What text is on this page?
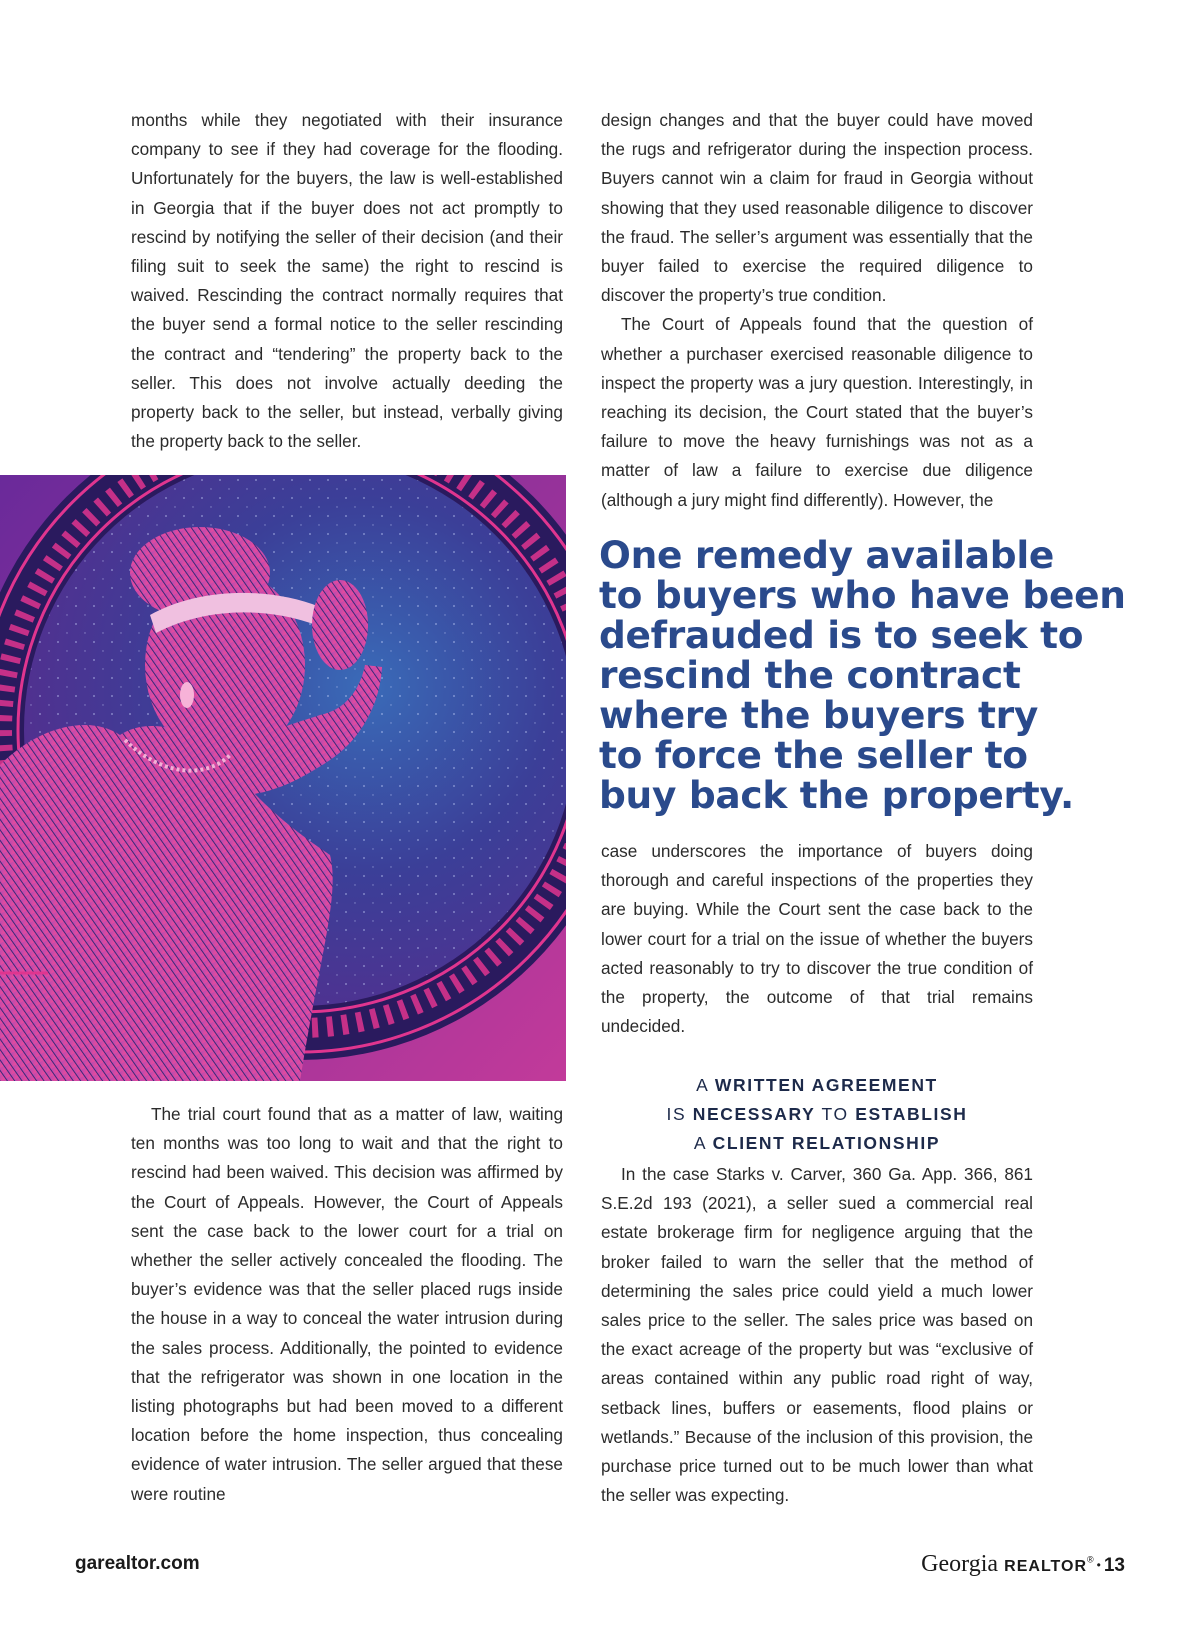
months while they negotiated with their insurance company to see if they had coverage for the flooding. Unfortunately for the buyers, the law is well-established in Georgia that if the buyer does not act promptly to rescind by notifying the seller of their decision (and their filing suit to seek the same) the right to rescind is waived. Rescinding the contract normally requires that the buyer send a formal notice to the seller rescinding the contract and “tendering” the property back to the seller. This does not involve actually deeding the property back to the seller, but instead, verbally giving the property back to the seller.

The trial court found that as a matter of law, waiting ten months was too long to wait and that the right to rescind had been waived. This decision was affirmed by the Court of Appeals. However, the Court of Appeals sent the case back to the lower court for a trial on whether the seller actively concealed the flooding. The buyer’s evidence was that the seller placed rugs inside the house in a way to conceal the water intrusion during the sales process. Additionally, the pointed to evidence that the refrigerator was shown in one location in the listing photographs but had been moved to a different location before the home inspection, thus concealing evidence of water intrusion. The seller argued that these were routine

design changes and that the buyer could have moved the rugs and refrigerator during the inspection process. Buyers cannot win a claim for fraud in Georgia without showing that they used reasonable diligence to discover the fraud. The seller’s argument was essentially that the buyer failed to exercise the required diligence to discover the property’s true condition.

The Court of Appeals found that the question of whether a purchaser exercised reasonable diligence to inspect the property was a jury question. Interestingly, in reaching its decision, the Court stated that the buyer’s failure to move the heavy furnishings was not as a matter of law a failure to exercise due diligence (although a jury might find differently). However, the

One remedy available
to buyers who have been
defrauded is to seek to
rescind the contract
where the buyers try
to force the seller to
buy back the property.

case underscores the importance of buyers doing thorough and careful inspections of the properties they are buying. While the Court sent the case back to the lower court for a trial on the issue of whether the buyers acted reasonably to try to discover the true condition of the property, the outcome of that trial remains undecided.

A WRITTEN AGREEMENT
IS NECESSARY TO ESTABLISH
A CLIENT RELATIONSHIP

In the case Starks v. Carver, 360 Ga. App. 366, 861 S.E.2d 193 (2021), a seller sued a commercial real estate brokerage firm for negligence arguing that the broker failed to warn the seller that the method of determining the sales price could yield a much lower sales price to the seller. The sales price was based on the exact acreage of the property but was “exclusive of areas contained within any public road right of way, setback lines, buffers or easements, flood plains or wetlands.” Because of the inclusion of this provision, the purchase price turned out to be much lower than what the seller was expecting.

garealtor.com	Georgia REALTOR® • 13
